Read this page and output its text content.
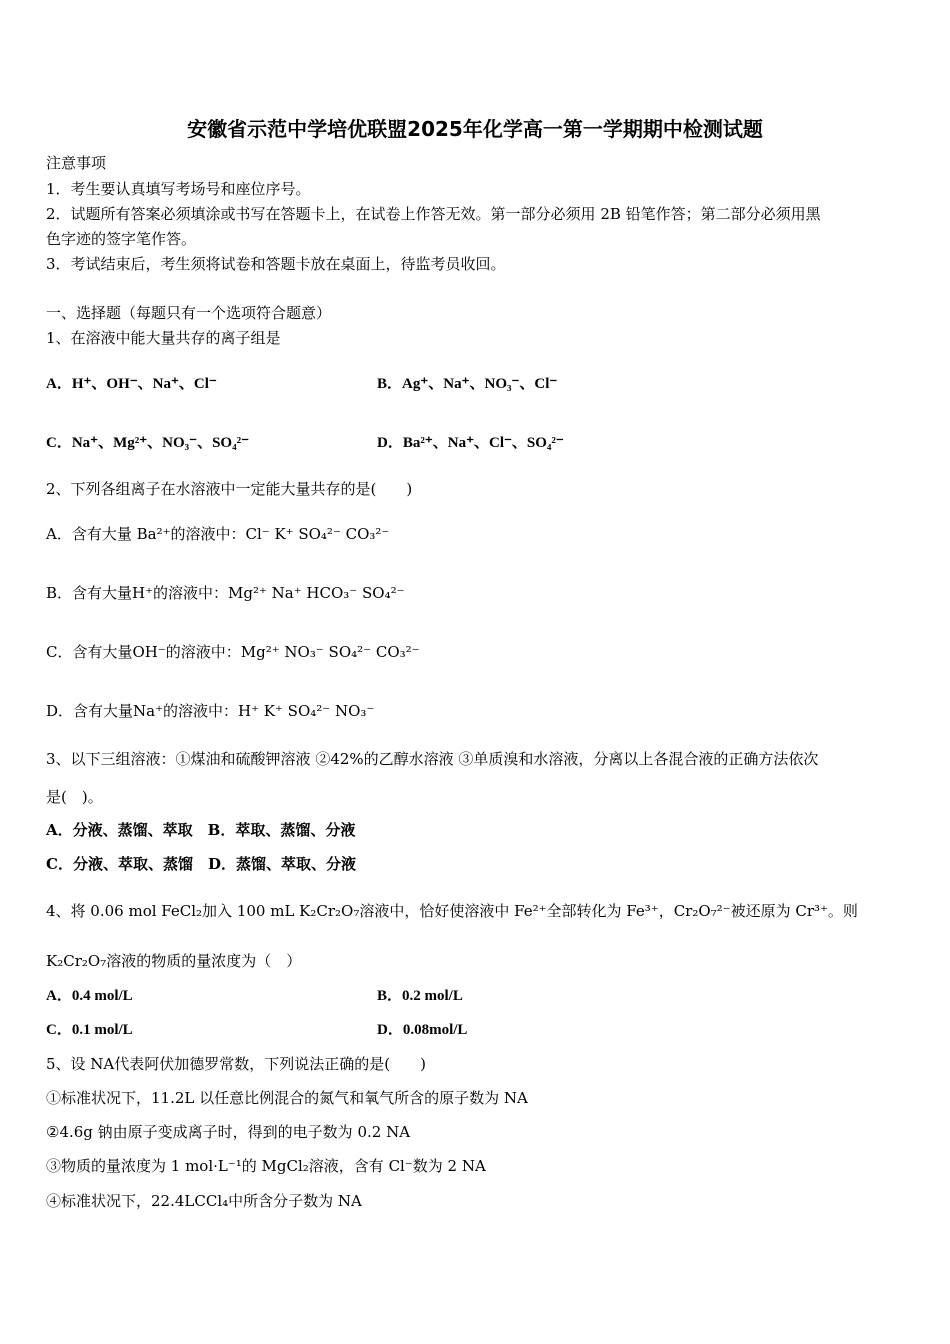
安徽省示范中学培优联盟2025年化学高一第一学期期中检测试题
注意事项
1．考生要认真填写考场号和座位序号。
2．试题所有答案必须填涂或书写在答题卡上，在试卷上作答无效。第一部分必须用 2B 铅笔作答；第二部分必须用黑
色字迹的签字笔作答。
3．考试结束后，考生须将试卷和答题卡放在桌面上，待监考员收回。
一、选择题（每题只有一个选项符合题意）
1、在溶液中能大量共存的离子组是
A．H⁺、OH⁻、Na⁺、Cl⁻	B．Ag⁺、Na⁺、NO₃⁻、Cl⁻
C．Na⁺、Mg²⁺、NO₃⁻、SO₄²⁻	D．Ba²⁺、Na⁺、Cl⁻、SO₄²⁻
2、下列各组离子在水溶液中一定能大量共存的是(　　)
A．含有大量 Ba²⁺的溶液中：Cl⁻ K⁺ SO₄²⁻ CO₃²⁻
B．含有大量H⁺的溶液中：Mg²⁺ Na⁺ HCO₃⁻ SO₄²⁻
C．含有大量OH⁻的溶液中：Mg²⁺ NO₃⁻ SO₄²⁻ CO₃²⁻
D．含有大量Na⁺的溶液中：H⁺ K⁺ SO₄²⁻ NO₃⁻
3、以下三组溶液：①煤油和硫酸钾溶液 ②42%的乙醇水溶液 ③单质溴和水溶液，分离以上各混合液的正确方法依次
是(　)。
A．分液、蒸馏、萃取　B．萃取、蒸馏、分液
C．分液、萃取、蒸馏　D．蒸馏、萃取、分液
4、将 0.06 mol FeCl₂加入 100 mL K₂Cr₂O₇溶液中，恰好使溶液中 Fe²⁺全部转化为 Fe³⁺，Cr₂O₇²⁻被还原为 Cr³⁺。则
K₂Cr₂O₇溶液的物质的量浓度为（　）
A．0.4 mol/L	B．0.2 mol/L
C．0.1 mol/L	D．0.08mol/L
5、设 NA代表阿伏加德罗常数，下列说法正确的是(　　)
①标准状况下，11.2L 以任意比例混合的氮气和氧气所含的原子数为 NA
②4.6g 钠由原子变成离子时，得到的电子数为 0.2 NA
③物质的量浓度为 1 mol·L⁻¹的 MgCl₂溶液，含有 Cl⁻数为 2 NA
④标准状况下，22.4LCCl₄中所含分子数为 NA
